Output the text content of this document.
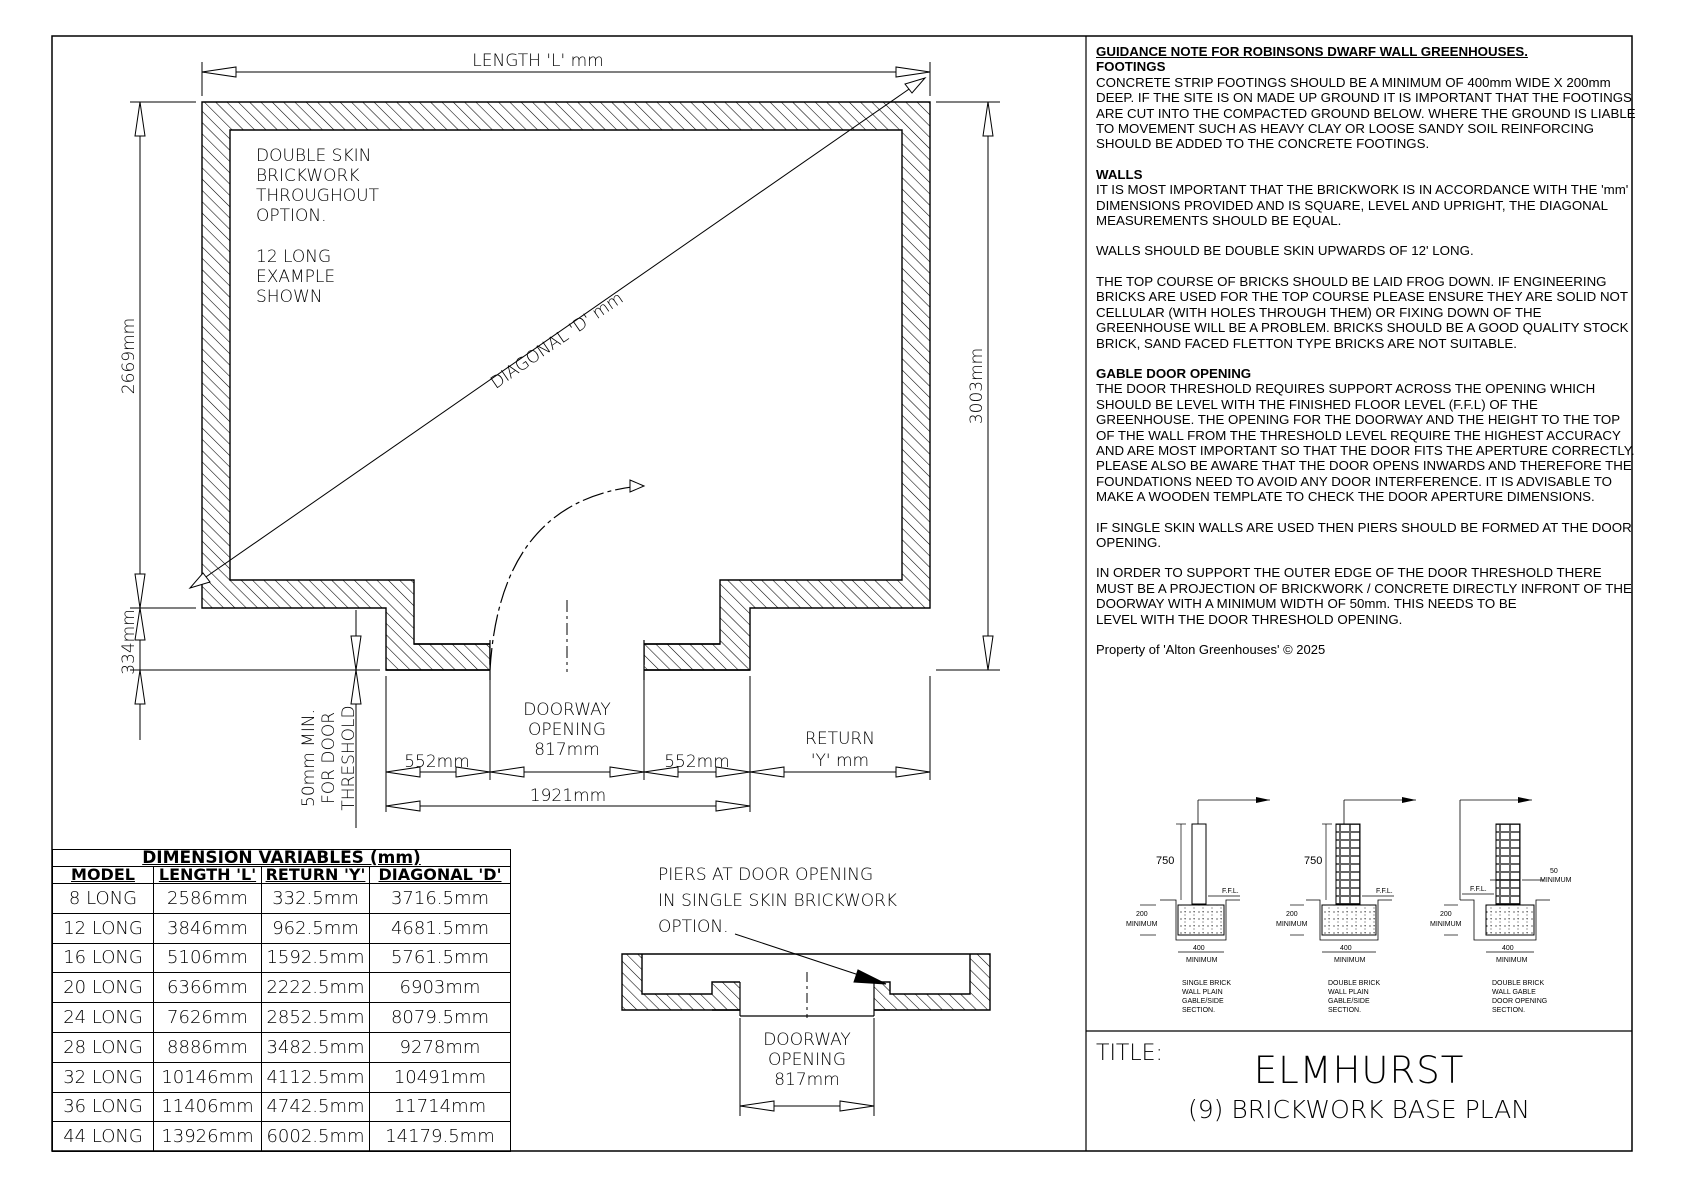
LENGTH 'L' mm
DIAGONAL 'D' mm
DOUBLE SKIN
BRICKWORK
THROUGHOUT
OPTION.
12 LONG
EXAMPLE
SHOWN
2669mm
334mm
3003mm
50mm MIN. FOR DOOR THRESHOLD	DOORWAY
OPENING
817mm
RETURN
'Y' mm
552mm	552mm
1921mm
PIERS AT DOOR OPENING
IN SINGLE SKIN BRICKWORK
OPTION.
DOORWAY
OPENING
817mm
750
F.F.L.
200
MINIMUM
400
MINIMUM
SINGLE BRICK
WALL PLAIN
GABLE/SIDE
SECTION.
750
F.F.L.
200
MINIMUM
400
MINIMUM
DOUBLE BRICK
WALL PLAIN
GABLE/SIDE
SECTION.
50
MINIMUM
F.F.L.
200
MINIMUM
400
MINIMUM
DOUBLE BRICK
WALL GABLE
DOOR OPENING
SECTION.
DIMENSION VARIABLES (mm)			
MODEL	LENGTH 'L'	RETURN 'Y'	DIAGONAL 'D'
8 LONG	2586mm	332.5mm	3716.5mm
12 LONG	3846mm	962.5mm	4681.5mm
16 LONG	5106mm	1592.5mm	5761.5mm
20 LONG	6366mm	2222.5mm	6903mm
24 LONG	7626mm	2852.5mm	8079.5mm
28 LONG	8886mm	3482.5mm	9278mm
32 LONG	10146mm	4112.5mm	10491mm
36 LONG	11406mm	4742.5mm	11714mm
44 LONG	13926mm	6002.5mm	14179.5mm

GUIDANCE NOTE FOR ROBINSONS DWARF WALL GREENHOUSES.
FOOTINGS
CONCRETE STRIP FOOTINGS SHOULD BE A MINIMUM OF 400mm WIDE X 200mm DEEP. IF THE SITE IS ON MADE UP GROUND IT IS IMPORTANT THAT THE FOOTINGS ARE CUT INTO THE COMPACTED GROUND BELOW. WHERE THE GROUND IS LIABLE TO MOVEMENT SUCH AS HEAVY CLAY OR LOOSE SANDY SOIL REINFORCING SHOULD BE ADDED TO THE CONCRETE FOOTINGS.

WALLS
IT IS MOST IMPORTANT THAT THE BRICKWORK IS IN ACCORDANCE WITH THE 'mm' DIMENSIONS PROVIDED AND IS SQUARE, LEVEL AND UPRIGHT, THE DIAGONAL MEASUREMENTS SHOULD BE EQUAL.

WALLS SHOULD BE DOUBLE SKIN UPWARDS OF 12' LONG.

THE TOP COURSE OF BRICKS SHOULD BE LAID FROG DOWN. IF ENGINEERING BRICKS ARE USED FOR THE TOP COURSE PLEASE ENSURE THEY ARE SOLID NOT CELLULAR (WITH HOLES THROUGH THEM) OR FIXING DOWN OF THE GREENHOUSE WILL BE A PROBLEM. BRICKS SHOULD BE A GOOD QUALITY STOCK BRICK, SAND FACED FLETTON TYPE BRICKS ARE NOT SUITABLE.

GABLE DOOR OPENING
THE DOOR THRESHOLD REQUIRES SUPPORT ACROSS THE OPENING WHICH SHOULD BE LEVEL WITH THE FINISHED FLOOR LEVEL (F.F.L) OF THE GREENHOUSE. THE OPENING FOR THE DOORWAY AND THE HEIGHT TO THE TOP OF THE WALL FROM THE THRESHOLD LEVEL REQUIRE THE HIGHEST ACCURACY AND ARE MOST IMPORTANT SO THAT THE DOOR FITS THE APERTURE CORRECTLY. PLEASE ALSO BE AWARE THAT THE DOOR OPENS INWARDS AND THEREFORE THE FOUNDATIONS NEED TO AVOID ANY DOOR INTERFERENCE. IT IS ADVISABLE TO MAKE A WOODEN TEMPLATE TO CHECK THE DOOR APERTURE DIMENSIONS.

IF SINGLE SKIN WALLS ARE USED THEN PIERS SHOULD BE FORMED AT THE DOOR OPENING.

IN ORDER TO SUPPORT THE OUTER EDGE OF THE DOOR THRESHOLD THERE MUST BE A PROJECTION OF BRICKWORK / CONCRETE DIRECTLY INFRONT OF THE DOORWAY WITH A MINIMUM WIDTH OF 50mm. THIS NEEDS TO BE

LEVEL WITH THE DOOR THRESHOLD OPENING.

Property of 'Alton Greenhouses' © 2025

TITLE:	ELMHURST
(9) BRICKWORK BASE PLAN
